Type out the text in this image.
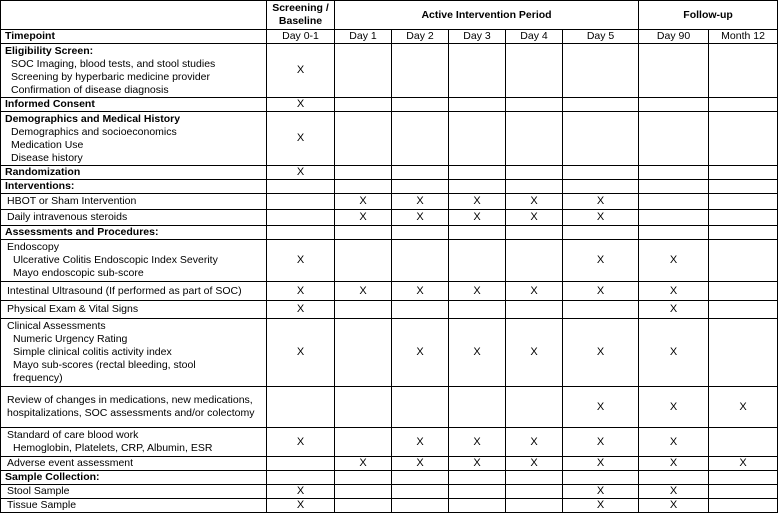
	Screening / Baseline	Active Intervention Period					Follow-up	
Timepoint	Day 0-1	Day 1	Day 2	Day 3	Day 4	Day 5	Day 90	Month 12

Eligibility Screen:
SOC Imaging, blood tests, and stool studies
Screening by hyperbaric medicine provider
Confirmation of disease diagnosis	X							
Informed Consent	X							

Demographics and Medical History
Demographics and socioeconomics
Medication Use
Disease history	X							
Randomization	X							
Interventions:								
HBOT or Sham Intervention		X	X	X	X	X		
Daily intravenous steroids		X	X	X	X	X		
Assessments and Procedures:								

Endoscopy
Ulcerative Colitis Endoscopic Index Severity
Mayo endoscopic sub-score	X					X	X	
Intestinal Ultrasound (If performed as part of SOC)	X	X	X	X	X	X	X	
Physical Exam & Vital Signs	X						X	

Clinical Assessments
Numeric Urgency Rating
Simple clinical colitis activity index
Mayo sub-scores (rectal bleeding, stool frequency)	X		X	X	X	X	X	
Review of changes in medications, new medications, hospitalizations, SOC assessments and/or colectomy						X	X	X

Standard of care blood work
Hemoglobin, Platelets, CRP, Albumin, ESR	X		X	X	X	X	X	
Adverse event assessment		X	X	X	X	X	X	X
Sample Collection:								
Stool Sample	X					X	X	
Tissue Sample	X					X	X	
